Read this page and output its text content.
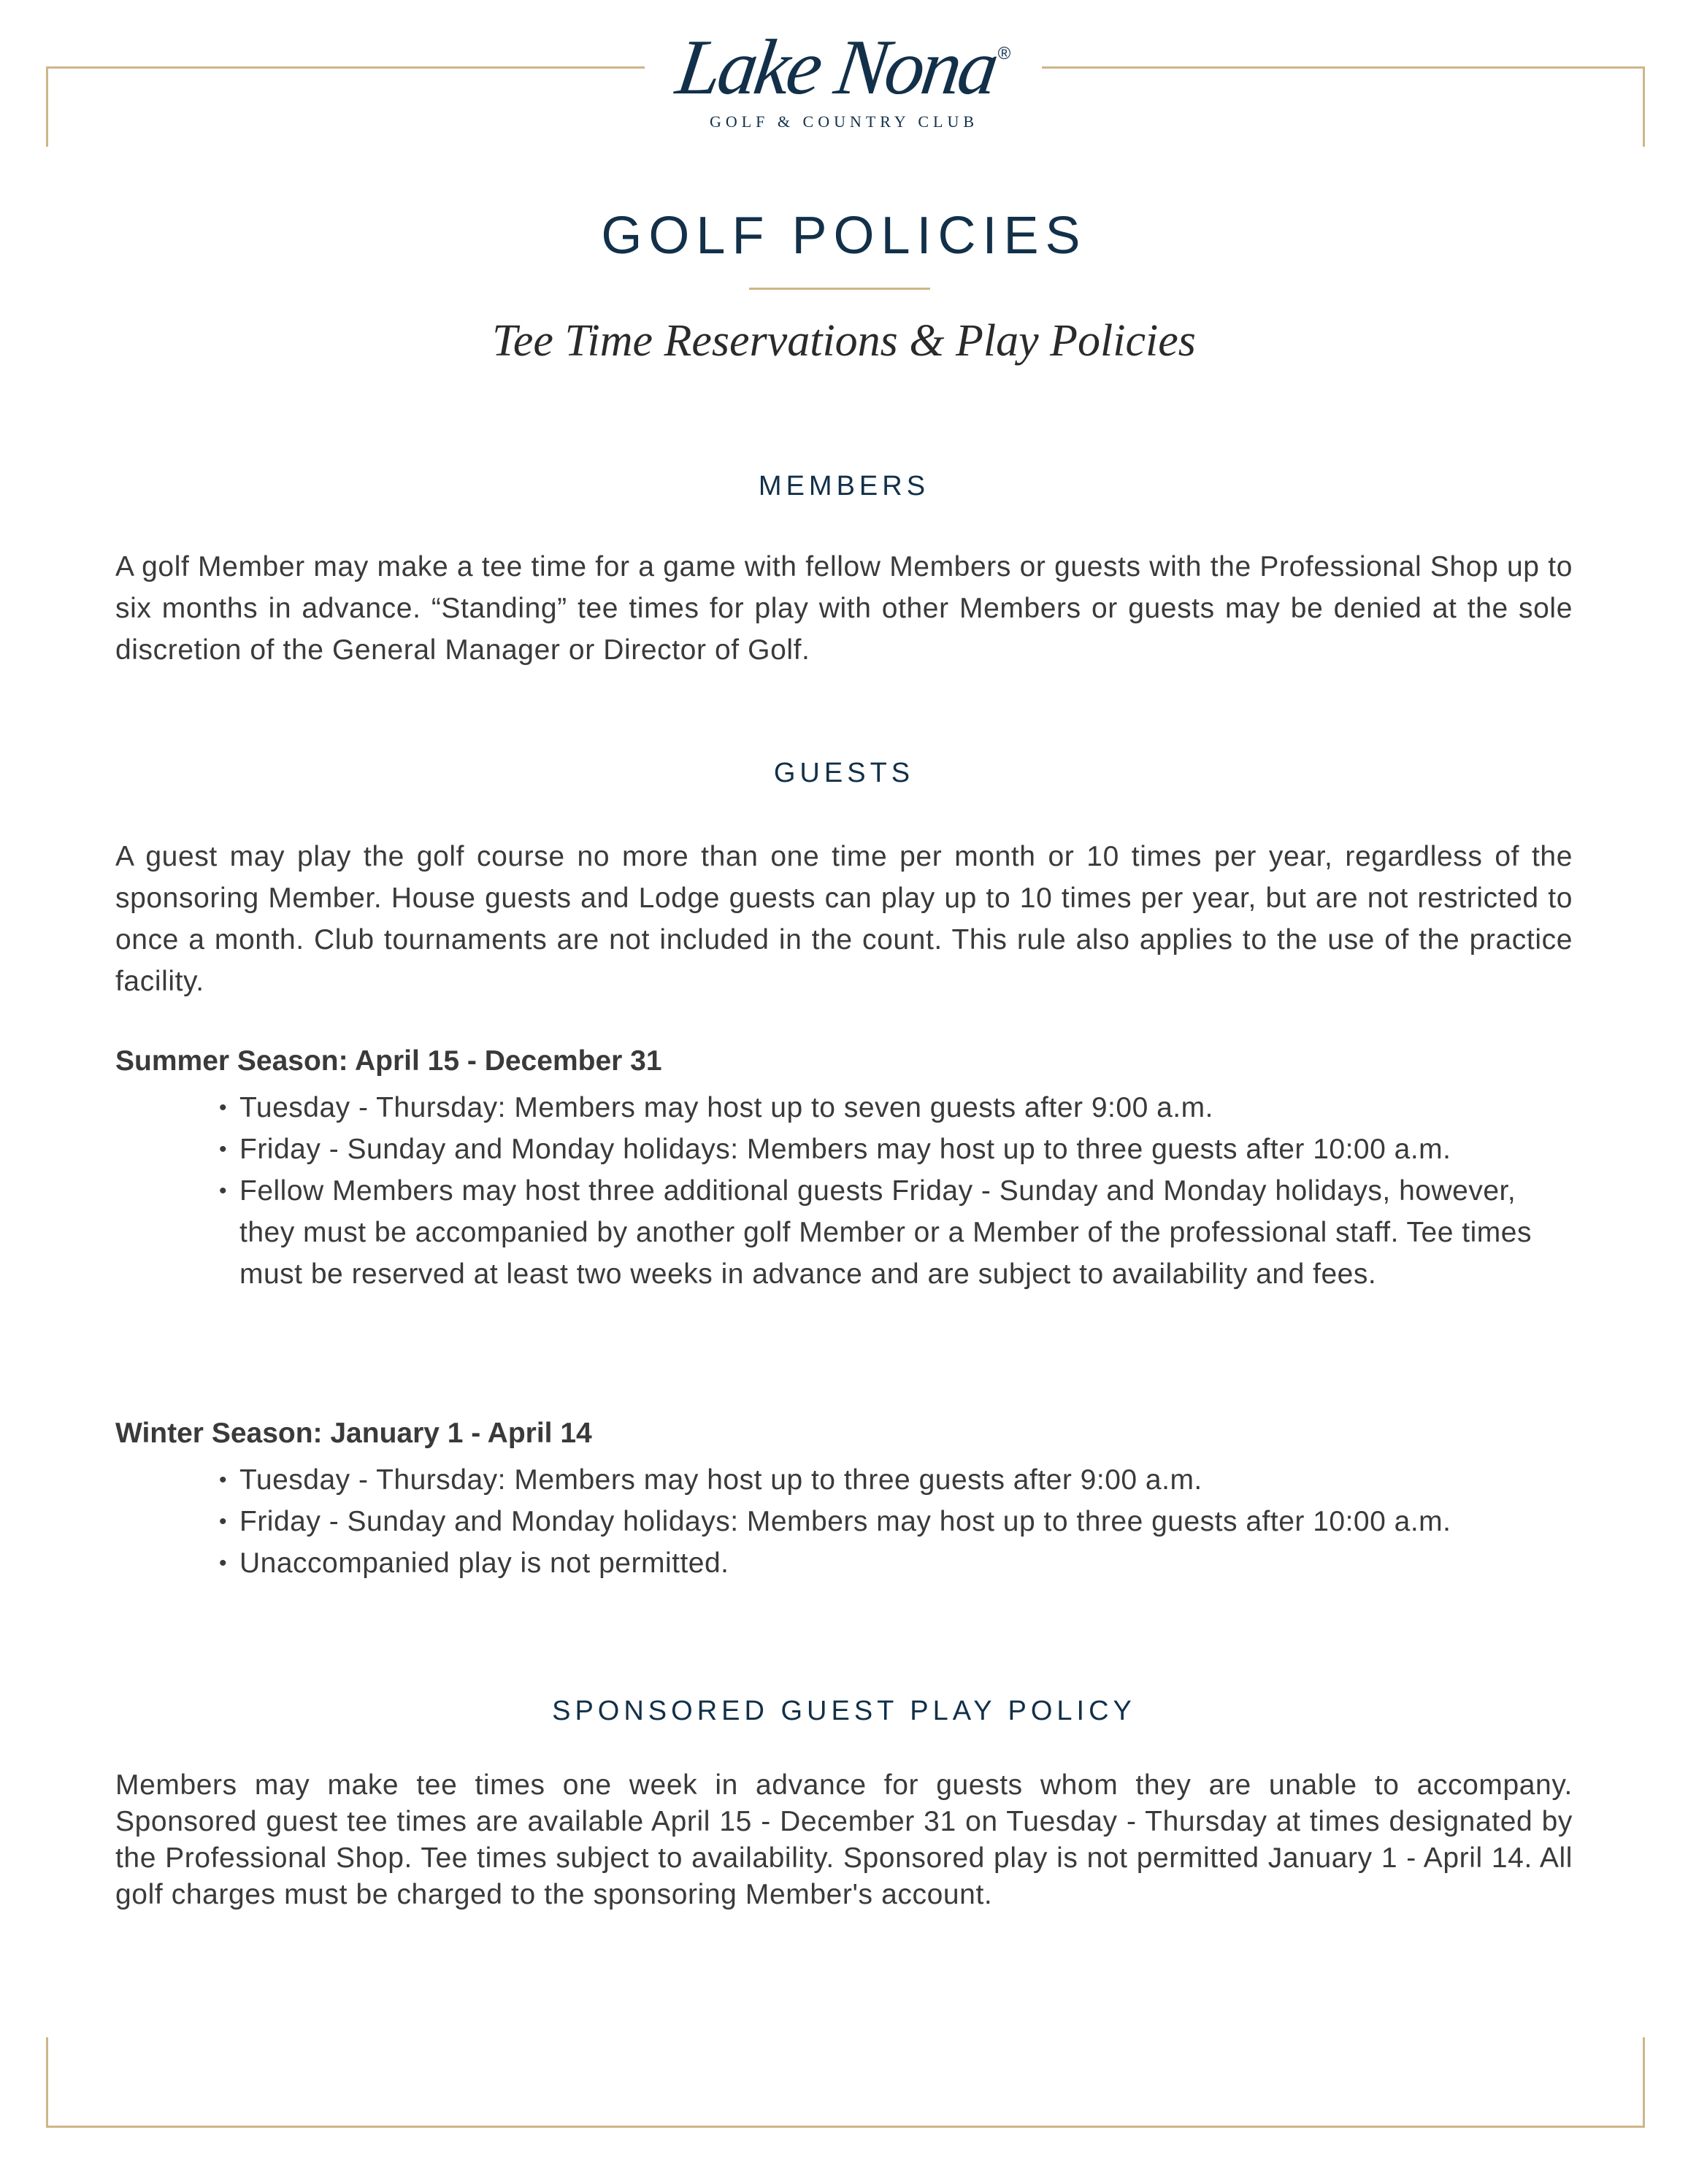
Lake Nona®
GOLF & COUNTRY CLUB
GOLF POLICIES
Tee Time Reservations & Play Policies
MEMBERS
A golf Member may make a tee time for a game with fellow Members or guests with the Professional Shop up to six months in advance. “Standing” tee times for play with other Members or guests may be denied at the sole discretion of the General Manager or Director of Golf.
GUESTS
A guest may play the golf course no more than one time per month or 10 times per year, regardless of the sponsoring Member. House guests and Lodge guests can play up to 10 times per year, but are not restricted to once a month. Club tournaments are not included in the count. This rule also applies to the use of the practice facility.
Summer Season: April 15 - December 31
• Tuesday - Thursday: Members may host up to seven guests after 9:00 a.m.
• Friday - Sunday and Monday holidays: Members may host up to three guests after 10:00 a.m.
• Fellow Members may host three additional guests Friday - Sunday and Monday holidays, however, they must be accompanied by another golf Member or a Member of the professional staff. Tee times must be reserved at least two weeks in advance and are subject to availability and fees.
Winter Season: January 1 - April 14
• Tuesday - Thursday: Members may host up to three guests after 9:00 a.m.
• Friday - Sunday and Monday holidays: Members may host up to three guests after 10:00 a.m.
• Unaccompanied play is not permitted.
SPONSORED GUEST PLAY POLICY
Members may make tee times one week in advance for guests whom they are unable to accompany. Sponsored guest tee times are available April 15 - December 31 on Tuesday - Thursday at times designated by the Professional Shop. Tee times subject to availability. Sponsored play is not permitted January 1 - April 14. All golf charges must be charged to the sponsoring Member's account.
